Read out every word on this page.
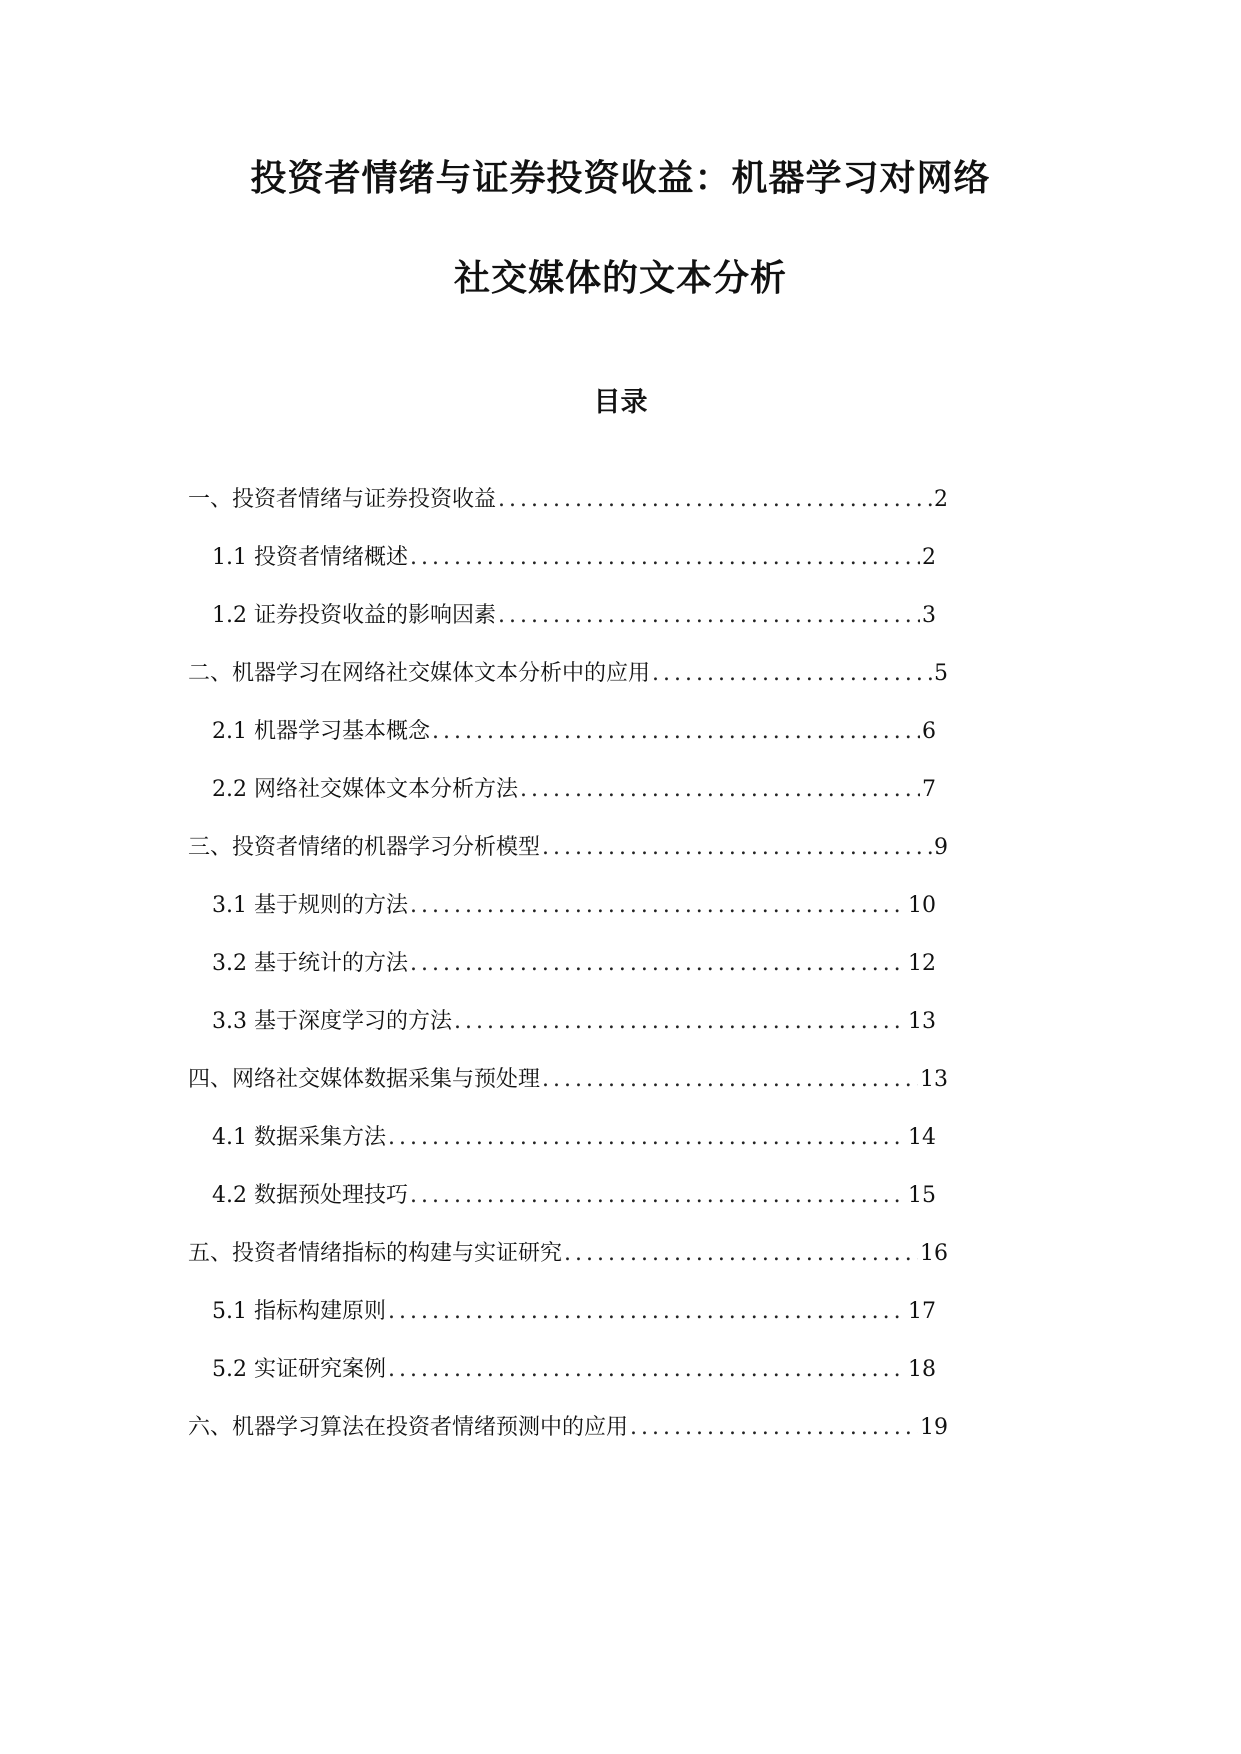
投资者情绪与证券投资收益：机器学习对网络
社交媒体的文本分析
目录
一、投资者情绪与证券投资收益 .....	2
1.1 投资者情绪概述 .....	2
1.2 证券投资收益的影响因素 .....	3
二、机器学习在网络社交媒体文本分析中的应用 .....	5
2.1 机器学习基本概念 .....	6
2.2 网络社交媒体文本分析方法 .....	7
三、投资者情绪的机器学习分析模型 .....	9
3.1 基于规则的方法 .....	10
3.2 基于统计的方法 .....	12
3.3 基于深度学习的方法 .....	13
四、网络社交媒体数据采集与预处理 .....	13
4.1 数据采集方法 .....	14
4.2 数据预处理技巧 .....	15
五、投资者情绪指标的构建与实证研究 .....	16
5.1 指标构建原则 .....	17
5.2 实证研究案例 .....	18
六、机器学习算法在投资者情绪预测中的应用 .....	19
